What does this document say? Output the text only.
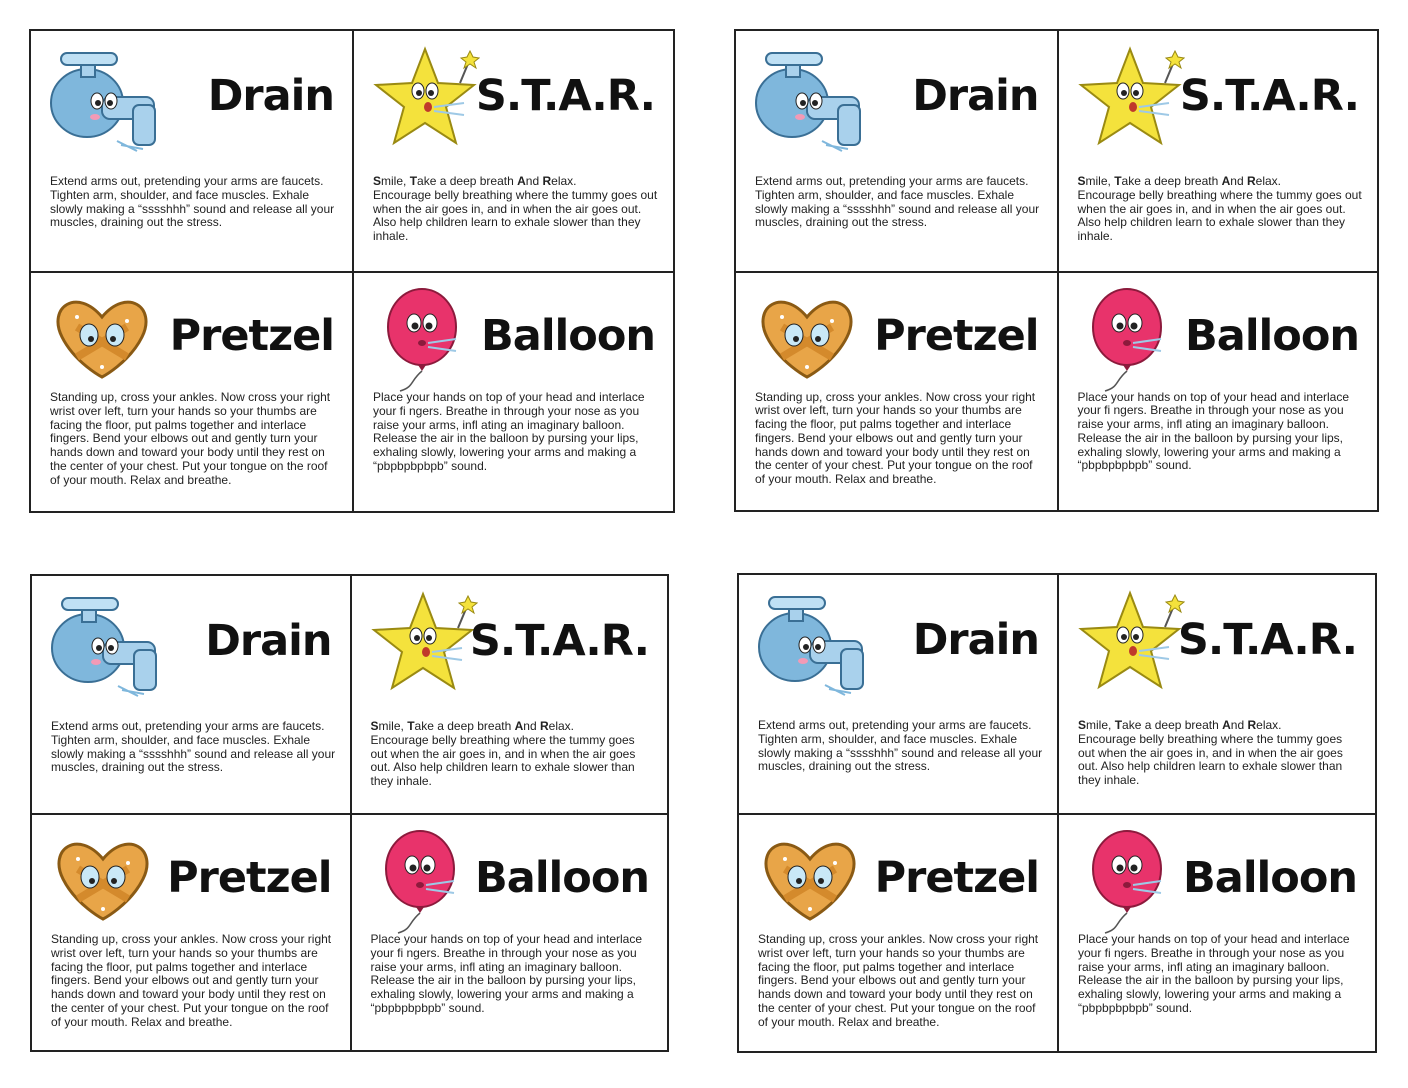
Drain
Extend arms out, pretending your arms are faucets. Tighten arm, shoulder, and face muscles. Exhale slowly making a “sssshhh” sound and release all your muscles, draining out the stress.
S.T.A.R.
Smile, Take a deep breath And Relax.
Encourage belly breathing where the tummy goes out when the air goes in, and in when the air goes out. Also help children learn to exhale slower than they inhale.
Pretzel
Standing up, cross your ankles. Now cross your right wrist over left, turn your hands so your thumbs are facing the floor, put palms together and interlace fingers. Bend your elbows out and gently turn your hands down and toward your body until they rest on the center of your chest. Put your tongue on the roof of your mouth. Relax and breathe.
Balloon
Place your hands on top of your head and interlace your fi ngers. Breathe in through your nose as you raise your arms, infl ating an imaginary balloon. Release the air in the balloon by pursing your lips, exhaling slowly, lowering your arms and making a “pbpbpbpbpb” sound.
Drain
Extend arms out, pretending your arms are faucets. Tighten arm, shoulder, and face muscles. Exhale slowly making a “sssshhh” sound and release all your muscles, draining out the stress.
S.T.A.R.
Smile, Take a deep breath And Relax.
Encourage belly breathing where the tummy goes out when the air goes in, and in when the air goes out. Also help children learn to exhale slower than they inhale.
Pretzel
Standing up, cross your ankles. Now cross your right wrist over left, turn your hands so your thumbs are facing the floor, put palms together and interlace fingers. Bend your elbows out and gently turn your hands down and toward your body until they rest on the center of your chest. Put your tongue on the roof of your mouth. Relax and breathe.
Balloon
Place your hands on top of your head and interlace your fi ngers. Breathe in through your nose as you raise your arms, infl ating an imaginary balloon. Release the air in the balloon by pursing your lips, exhaling slowly, lowering your arms and making a “pbpbpbpbpb” sound.
Drain
Extend arms out, pretending your arms are faucets. Tighten arm, shoulder, and face muscles. Exhale slowly making a “sssshhh” sound and release all your muscles, draining out the stress.
S.T.A.R.
Smile, Take a deep breath And Relax.
Encourage belly breathing where the tummy goes out when the air goes in, and in when the air goes out. Also help children learn to exhale slower than they inhale.
Pretzel
Standing up, cross your ankles. Now cross your right wrist over left, turn your hands so your thumbs are facing the floor, put palms together and interlace fingers. Bend your elbows out and gently turn your hands down and toward your body until they rest on the center of your chest. Put your tongue on the roof of your mouth. Relax and breathe.
Balloon
Place your hands on top of your head and interlace your fi ngers. Breathe in through your nose as you raise your arms, infl ating an imaginary balloon. Release the air in the balloon by pursing your lips, exhaling slowly, lowering your arms and making a “pbpbpbpbpb” sound.
Drain
Extend arms out, pretending your arms are faucets. Tighten arm, shoulder, and face muscles. Exhale slowly making a “sssshhh” sound and release all your muscles, draining out the stress.
S.T.A.R.
Smile, Take a deep breath And Relax.
Encourage belly breathing where the tummy goes out when the air goes in, and in when the air goes out. Also help children learn to exhale slower than they inhale.
Pretzel
Standing up, cross your ankles. Now cross your right wrist over left, turn your hands so your thumbs are facing the floor, put palms together and interlace fingers. Bend your elbows out and gently turn your hands down and toward your body until they rest on the center of your chest. Put your tongue on the roof of your mouth. Relax and breathe.
Balloon
Place your hands on top of your head and interlace your fi ngers. Breathe in through your nose as you raise your arms, infl ating an imaginary balloon. Release the air in the balloon by pursing your lips, exhaling slowly, lowering your arms and making a “pbpbpbpbpb” sound.
